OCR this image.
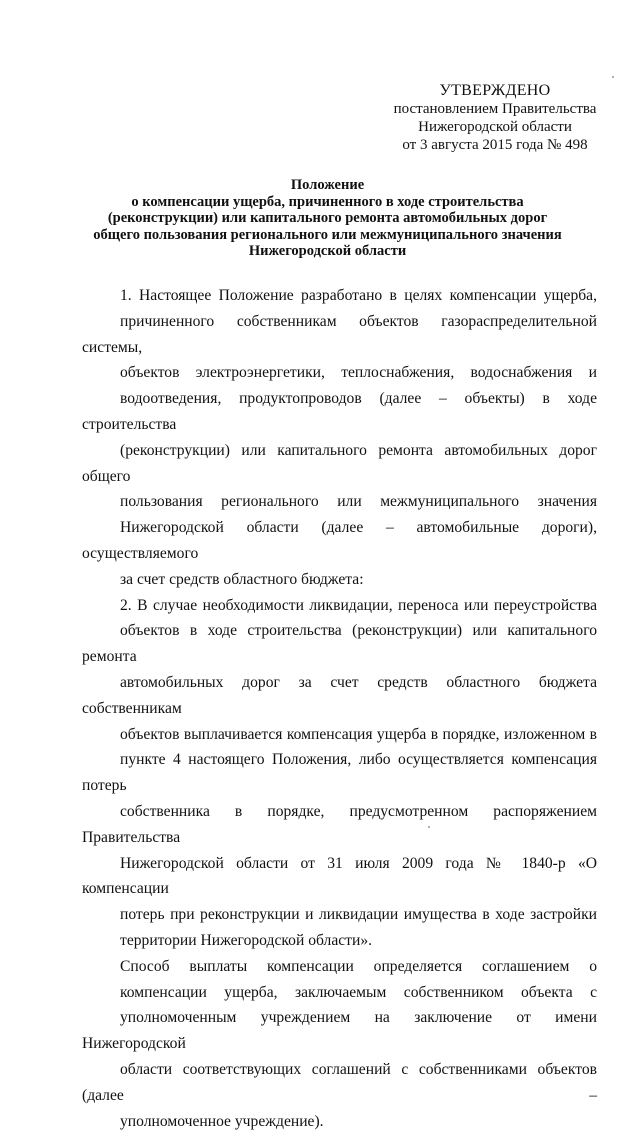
УТВЕРЖДЕНО
постановлением Правительства
Нижегородской области
от 3 августа 2015 года № 498
Положение
о компенсации ущерба, причиненного в ходе строительства
(реконструкции) или капитального ремонта автомобильных дорог
общего пользования регионального или межмуниципального значения
Нижегородской области

1. Настоящее Положение разработано в целях компенсации ущерба,
причиненного собственникам объектов газораспределительной системы,
объектов электроэнергетики, теплоснабжения, водоснабжения и
водоотведения, продуктопроводов (далее – объекты) в ходе строительства
(реконструкции) или капитального ремонта автомобильных дорог общего
пользования регионального или межмуниципального значения
Нижегородской области (далее – автомобильные дороги), осуществляемого
за счет средств областного бюджета:

2. В случае необходимости ликвидации, переноса или переустройства
объектов в ходе строительства (реконструкции) или капитального ремонта
автомобильных дорог за счет средств областного бюджета собственникам
объектов выплачивается компенсация ущерба в порядке, изложенном в
пункте 4 настоящего Положения, либо осуществляется компенсация потерь
собственника в порядке, предусмотренном распоряжением Правительства
Нижегородской области от 31 июля 2009 года № 1840-р «О компенсации
потерь при реконструкции и ликвидации имущества в ходе застройки
территории Нижегородской области».

Способ выплаты компенсации определяется соглашением о
компенсации ущерба, заключаемым собственником объекта с
уполномоченным учреждением на заключение от имени Нижегородской
области соответствующих соглашений с собственниками объектов (далее –
уполномоченное учреждение).
